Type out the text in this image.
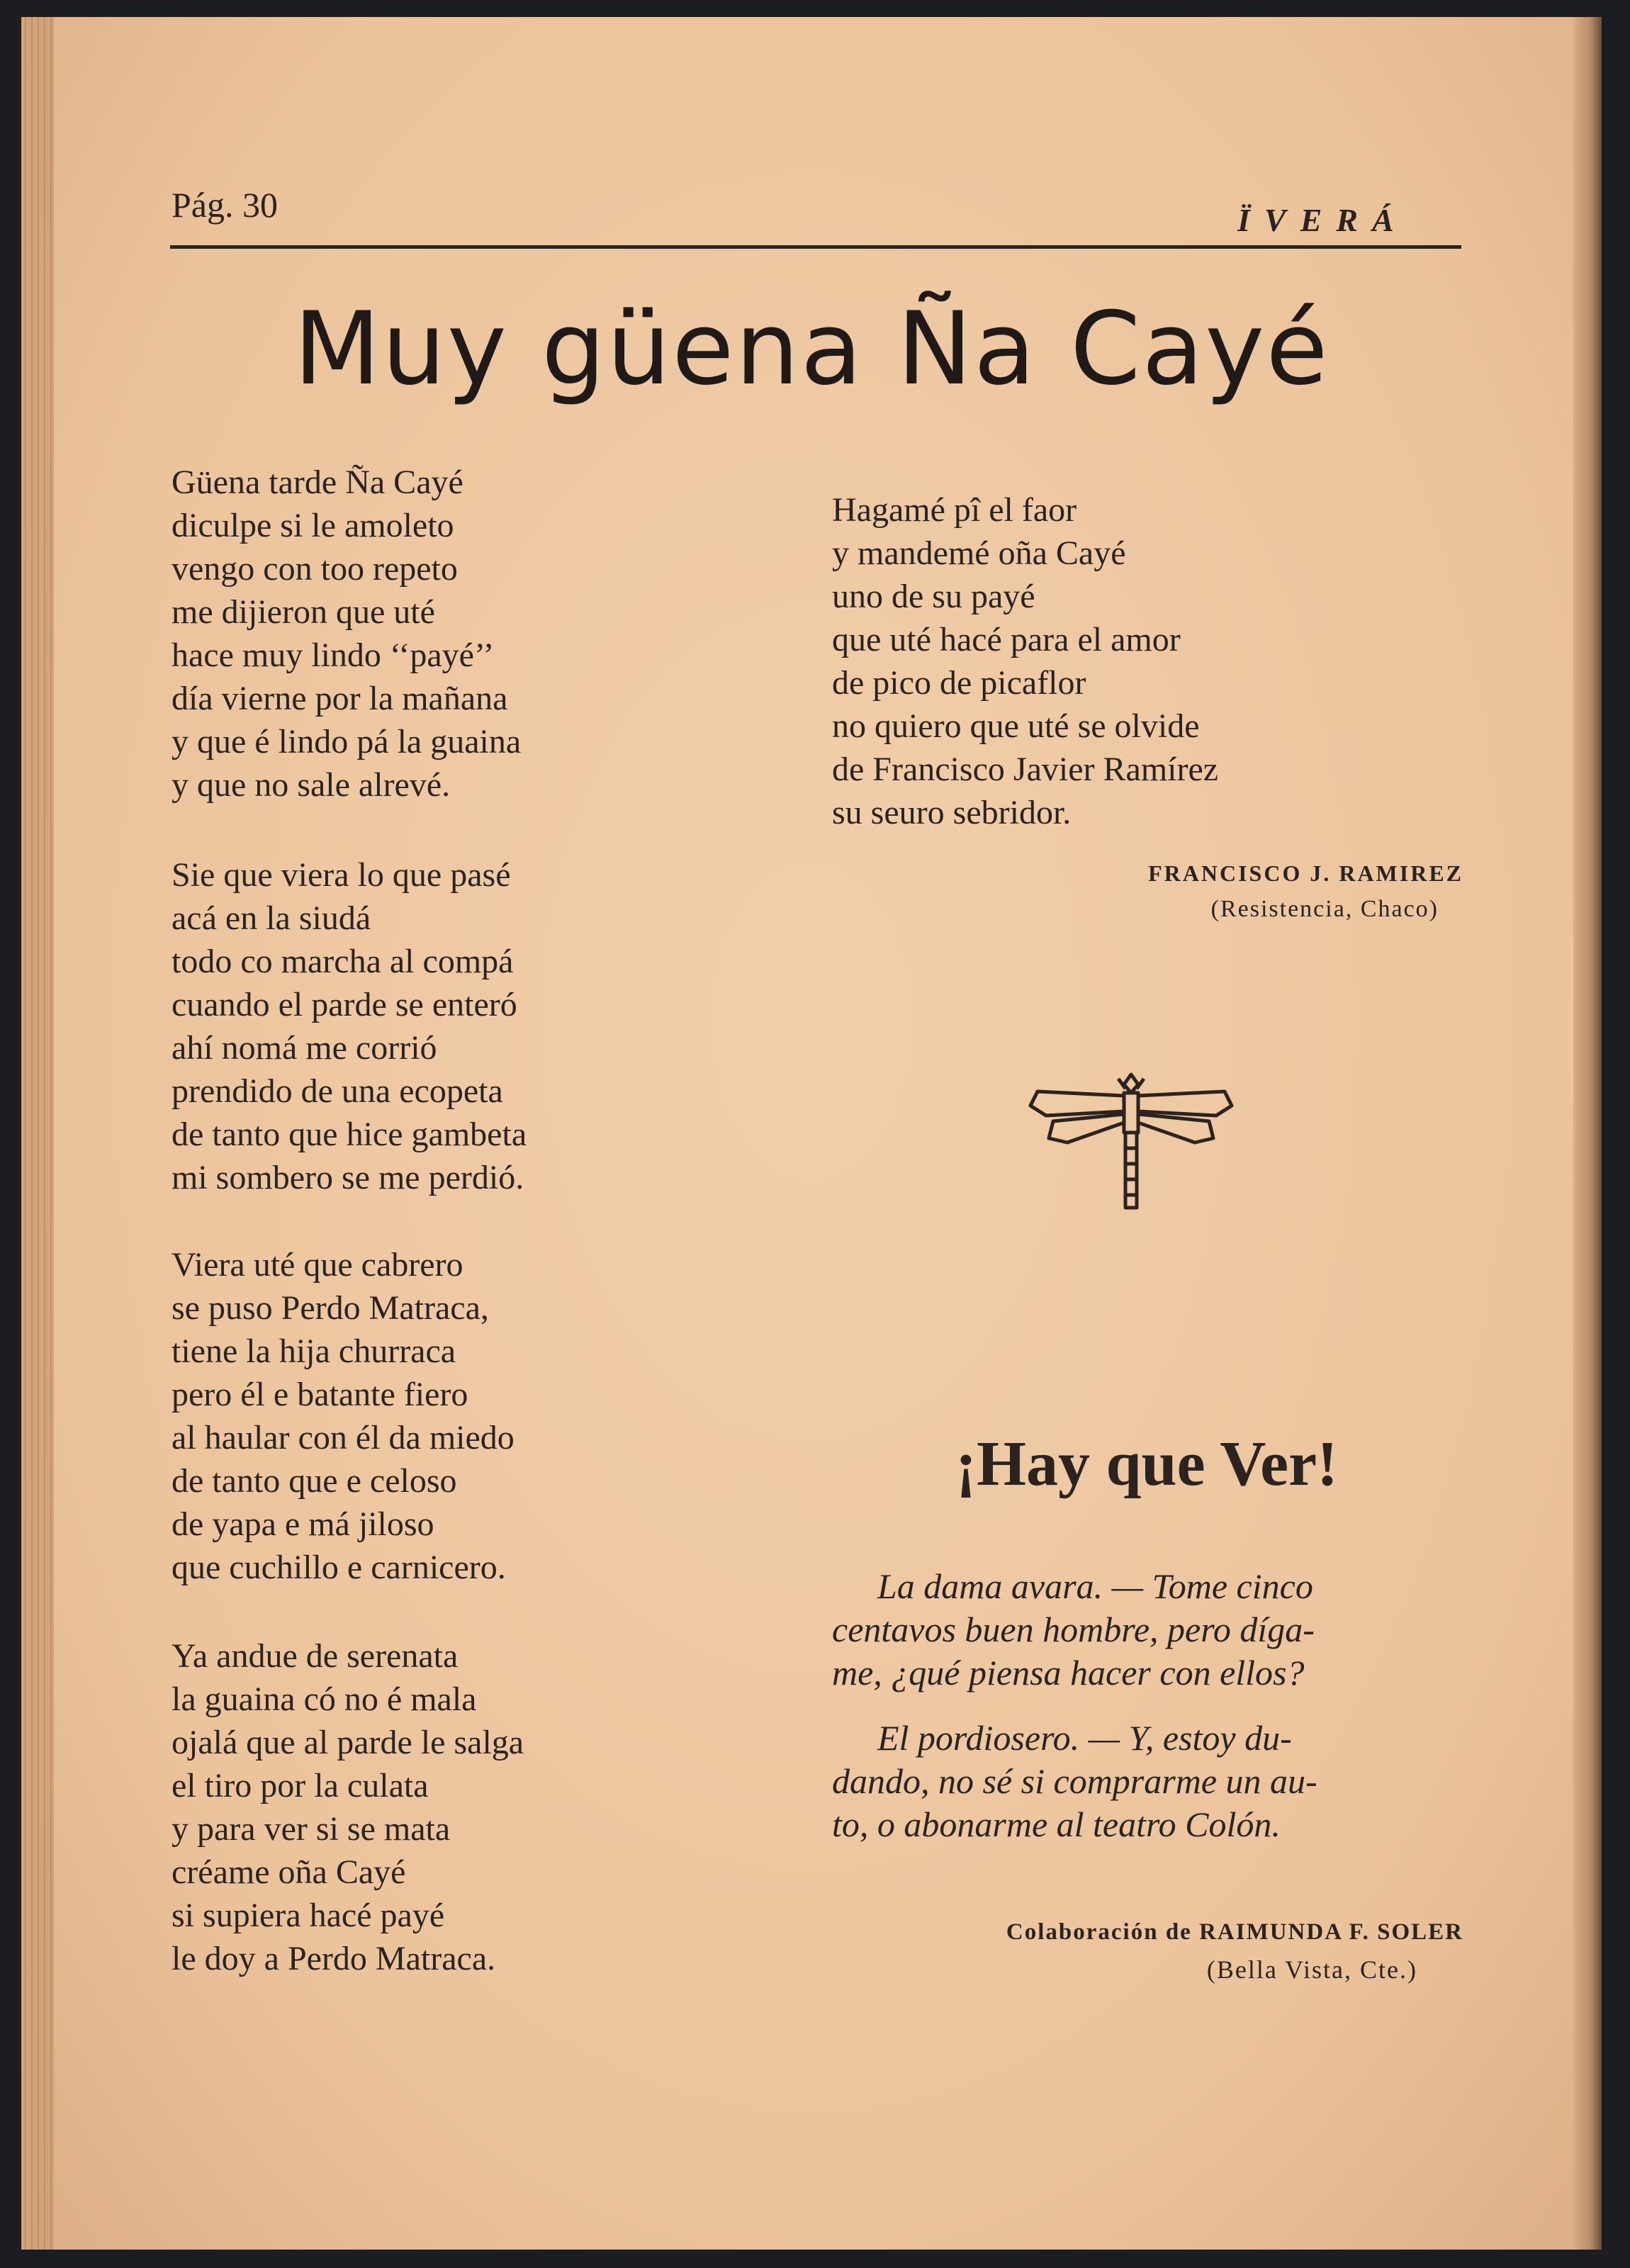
Pág. 30	ÏVERÁ
Muy güena Ña Cayé
Güena tarde Ña Cayé
diculpe si le amoleto
vengo con too repeto
me dijieron que uté
hace muy lindo ‘‘payé’’
día vierne por la mañana
y que é lindo pá la guaina
y que no sale alrevé.
Sie que viera lo que pasé
acá en la siudá
todo co marcha al compá
cuando el parde se enteró
ahí nomá me corrió
prendido de una ecopeta
de tanto que hice gambeta
mi sombero se me perdió.
Viera uté que cabrero
se puso Perdo Matraca,
tiene la hija churraca
pero él e batante fiero
al haular con él da miedo
de tanto que e celoso
de yapa e má jiloso
que cuchillo e carnicero.
Ya andue de serenata
la guaina có no é mala
ojalá que al parde le salga
el tiro por la culata
y para ver si se mata
créame oña Cayé
si supiera hacé payé
le doy a Perdo Matraca.
Hagamé pî el faor
y mandemé oña Cayé
uno de su payé
que uté hacé para el amor
de pico de picaflor
no quiero que uté se olvide
de Francisco Javier Ramírez
su seuro sebridor.
FRANCISCO J. RAMIREZ
(Resistencia, Chaco)
¡Hay que Ver!
La dama avara. — Tome cinco
centavos buen hombre, pero díga-
me, ¿qué piensa hacer con ellos?
El pordiosero. — Y, estoy du-
dando, no sé si comprarme un au-
to, o abonarme al teatro Colón.
Colaboración de RAIMUNDA F. SOLER
(Bella Vista, Cte.)
